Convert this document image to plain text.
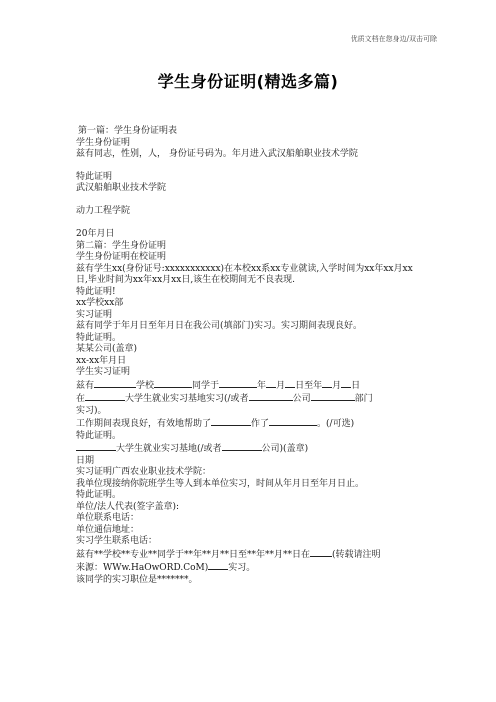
优质文档在您身边/双击可除
学生身份证明(精选多篇)

第一篇：学生身份证明表

学生身份证明

兹有同志，性别，人， 身份证号码为。年月进入武汉船舶职业技术学院

特此证明

武汉船舶职业技术学院

动力工程学院

20年月日

第二篇：学生身份证明

学生身份证明在校证明

兹有学生xx(身份证号:xxxxxxxxxxx)在本校xx系xx专业就读,入学时间为xx年xx月xx日,毕业时间为xx年xx月xx日,该生在校期间无不良表现.

特此证明!

xx学校xx部

实习证明

兹有同学于年月日至年月日在我公司(填部门)实习。实习期间表现良好。

特此证明。

某某公司(盖章)

xx-xx年月日

学生实习证明

兹有	学校	同学于	年 月 日至年 月 日

在	大学生就业实习基地实习(/或者	公司	部门

实习)。

工作期间表现良好，有效地帮助了	作了	。(/可选)

特此证明。

大学生就业实习基地(/或者	公司)(盖章)

日期

实习证明广西农业职业技术学院：

我单位现接纳你院班学生等人到本单位实习，时间从年月日至年月日止。

特此证明。

单位/法人代表(签字盖章):

单位联系电话：

单位通信地址：

实习学生联系电话：

兹有**学校**专业**同学于**年**月**日至**年**月**日在 (转载请注明

来源：WWw.HaOwORD.CoM) 实习。

该同学的实习职位是*******。
